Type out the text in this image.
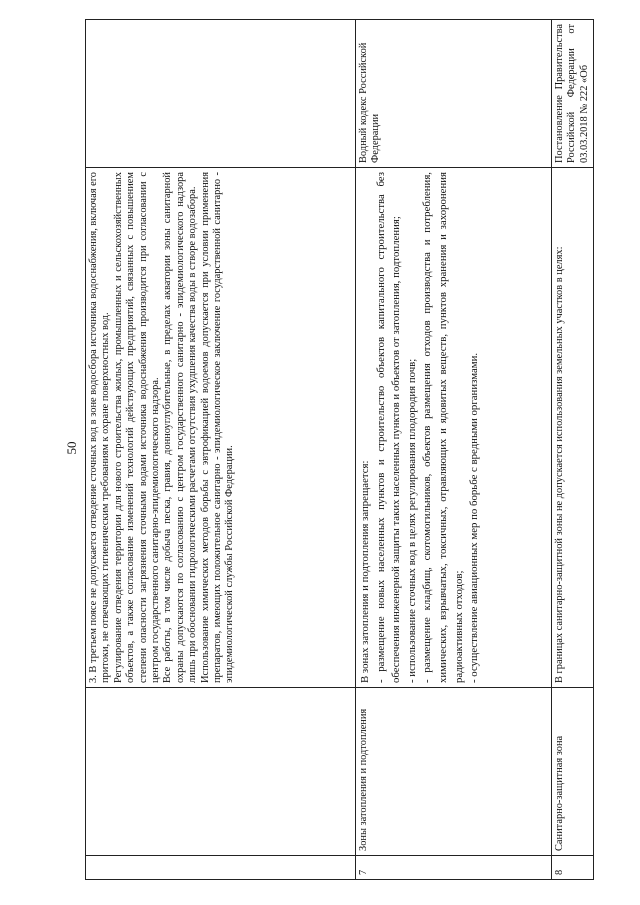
50

		3. В третьем поясе не допускается отведение сточных вод в зоне водосбора источника водоснабжения, включая его притоки, не отвечающих гигиеническим требованиям к охране поверхностных вод. Регулирование отведения территории для нового строительства жилых, промышленных и сельскохозяйственных объектов, а также согласование изменений технологий действующих предприятий, связанных с повышением степени опасности загрязнения сточными водами источника водоснабжения производится при согласовании с центром государственного санитарно-эпидемиологического надзора. Все работы, в том числе добыча песка, гравия, донноуглубительные, в пределах акватории зоны санитарной охраны допускаются по согласованию с центром государственного санитарно - эпидемиологического надзора лишь при обосновании гидрологическими расчетами отсутствия ухудшения качества воды в створе водозабора. Использование химических методов борьбы с эвтрофикацией водоемов допускается при условии применения препаратов, имеющих положительное санитарно - эпидемиологическое заключение государственной санитарно - эпидемиологической службы Российской Федерации.	

7	Зоны затопления и подтопления	В зонах затопления и подтопления запрещается: - размещение новых населенных пунктов и строительство объектов капитального строительства без обеспечения инженерной защиты таких населенных пунктов и объектов от затопления, подтопления; - использование сточных вод в целях регулирования плодородия почв; - размещение кладбищ, скотомогильников, объектов размещения отходов производства и потребления, химических, взрывчатых, токсичных, отравляющих и ядовитых веществ, пунктов хранения и захоронения радиоактивных отходов; - осуществление авиационных мер по борьбе с вредными организмами.	Водный кодекс Российской Федерации
8	Санитарно-защитная зона	В границах санитарно-защитной зоны не допускается использования земельных участков в целях:	Постановление Правительства Российской Федерации от 03.03.2018 № 222 «Об
